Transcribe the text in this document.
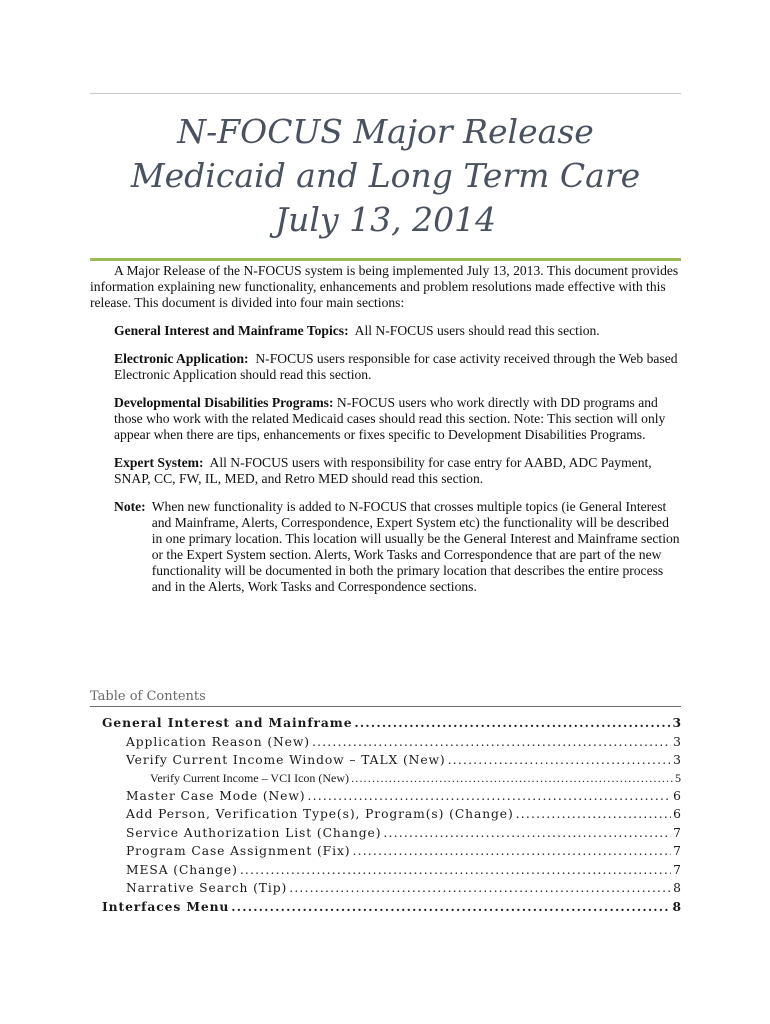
N-FOCUS Major Release
Medicaid and Long Term Care
July 13, 2014

A Major Release of the N-FOCUS system is being implemented July 13, 2013. This document provides information explaining new functionality, enhancements and problem resolutions made effective with this release. This document is divided into four main sections:

General Interest and Mainframe Topics: All N-FOCUS users should read this section.

Electronic Application: N-FOCUS users responsible for case activity received through the Web based Electronic Application should read this section.

Developmental Disabilities Programs: N-FOCUS users who work directly with DD programs and those who work with the related Medicaid cases should read this section. Note: This section will only appear when there are tips, enhancements or fixes specific to Development Disabilities Programs.

Expert System: All N-FOCUS users with responsibility for case entry for AABD, ADC Payment, SNAP, CC, FW, IL, MED, and Retro MED should read this section.

Note: When new functionality is added to N-FOCUS that crosses multiple topics (ie General Interest and Mainframe, Alerts, Correspondence, Expert System etc) the functionality will be described in one primary location. This location will usually be the General Interest and Mainframe section or the Expert System section. Alerts, Work Tasks and Correspondence that are part of the new functionality will be documented in both the primary location that describes the entire process and in the Alerts, Work Tasks and Correspondence sections.
Table of Contents
General Interest and Mainframe .....	3
Application Reason (New) .....	3
Verify Current Income Window – TALX (New) .....	3
Verify Current Income – VCI Icon (New) .....	5
Master Case Mode (New) .....	6
Add Person, Verification Type(s), Program(s) (Change) .....	6
Service Authorization List (Change) .....	7
Program Case Assignment (Fix) .....	7
MESA (Change) .....	7
Narrative Search (Tip) .....	8
Interfaces Menu .....	8
